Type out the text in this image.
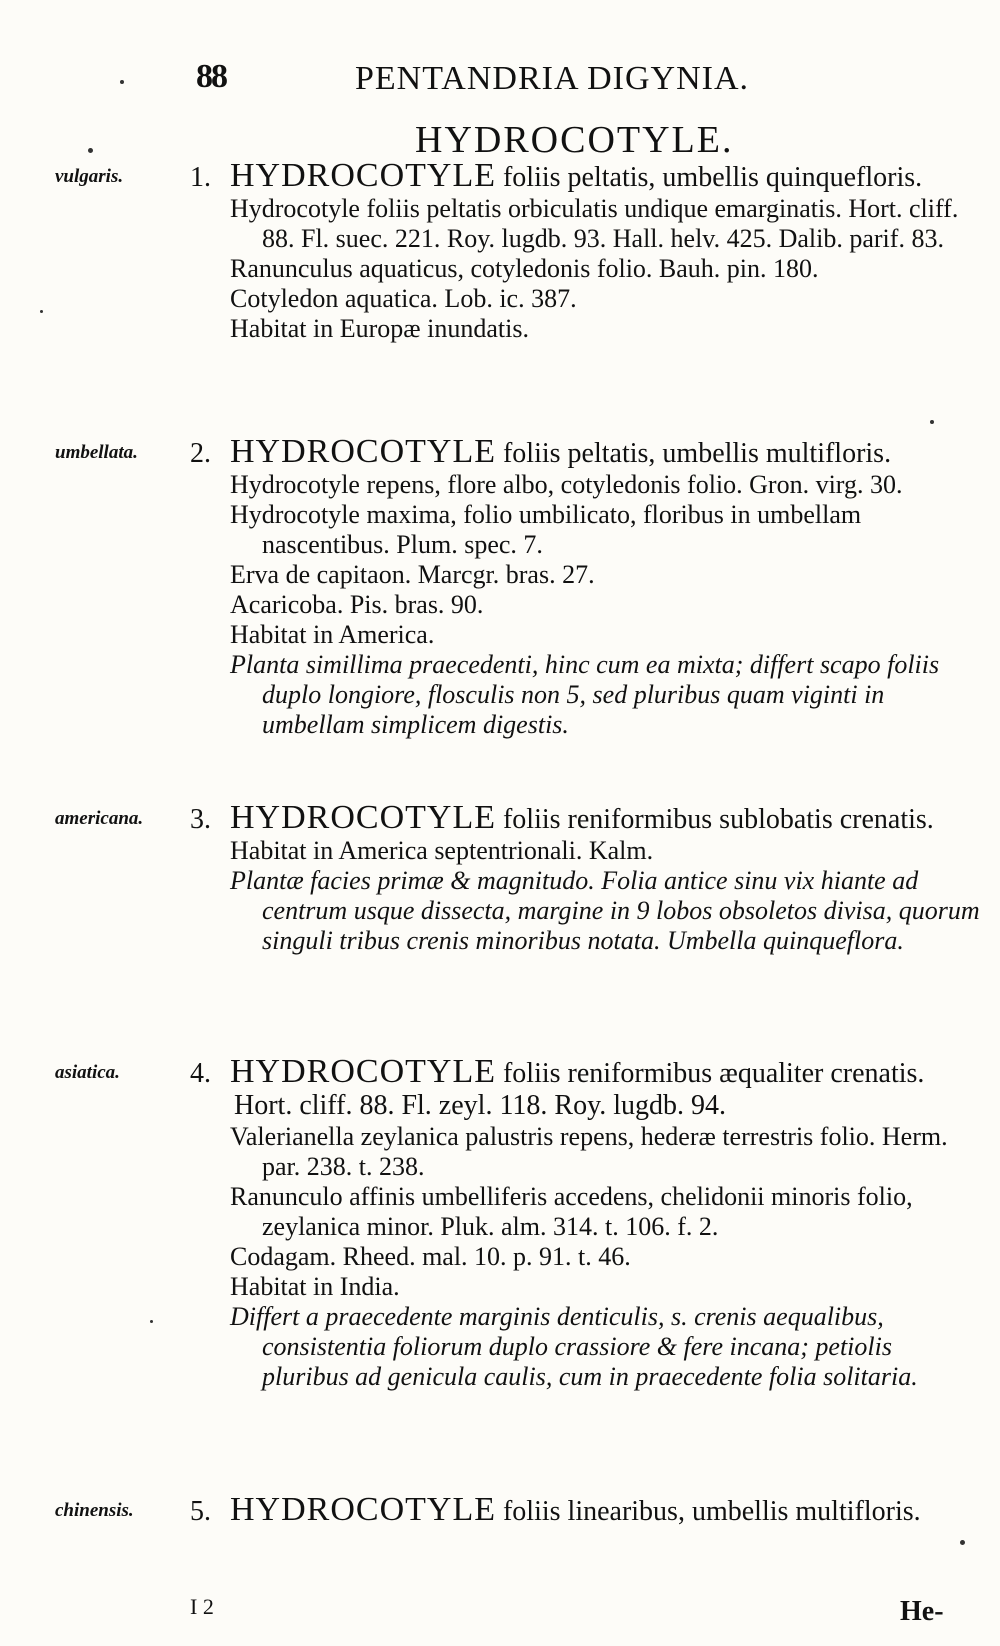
88	PENTANDRIA DIGYNIA.
HYDROCOTYLE.
vulgaris. 1. HYDROCOTYLE foliis peltatis, umbellis quinquefloris.

Hydrocotyle foliis peltatis orbiculatis undique emarginatis. Hort. cliff. 88. Fl. suec. 221. Roy. lugdb. 93. Hall. helv. 425. Dalib. parif. 83.

Ranunculus aquaticus, cotyledonis folio. Bauh. pin. 180.

Cotyledon aquatica. Lob. ic. 387.

Habitat in Europæ inundatis.

umbellata. 2. HYDROCOTYLE foliis peltatis, umbellis multifloris.

Hydrocotyle repens, flore albo, cotyledonis folio. Gron. virg. 30.

Hydrocotyle maxima, folio umbilicato, floribus in umbellam nascentibus. Plum. spec. 7.

Erva de capitaon. Marcgr. bras. 27.

Acaricoba. Pis. bras. 90.

Habitat in America.

Planta simillima praecedenti, hinc cum ea mixta; differt scapo foliis duplo longiore, flosculis non 5, sed pluribus quam viginti in umbellam simplicem digestis.

americana. 3. HYDROCOTYLE foliis reniformibus sublobatis crenatis.

Habitat in America septentrionali. Kalm.

Plantæ facies primæ & magnitudo. Folia antice sinu vix hiante ad centrum usque dissecta, margine in 9 lobos obsoletos divisa, quorum singuli tribus crenis minoribus notata. Umbella quinqueflora.

asiatica.	4. HYDROCOTYLE foliis reniformibus æqualiter crenatis. Hort. cliff. 88. Fl. zeyl. 118. Roy. lugdb. 94.

Valerianella zeylanica palustris repens, hederæ terrestris folio. Herm. par. 238. t. 238.

Ranunculo affinis umbelliferis accedens, chelidonii minoris folio, zeylanica minor. Pluk. alm. 314. t. 106. f. 2.

Codagam. Rheed. mal. 10. p. 91. t. 46.

Habitat in India.

Differt a praecedente marginis denticulis, s. crenis aequalibus, consistentia foliorum duplo crassiore & fere incana; petiolis pluribus ad genicula caulis, cum in praecedente folia solitaria.

chinensis. 5. HYDROCOTYLE foliis linearibus, umbellis multifloris.

I 2	He-
